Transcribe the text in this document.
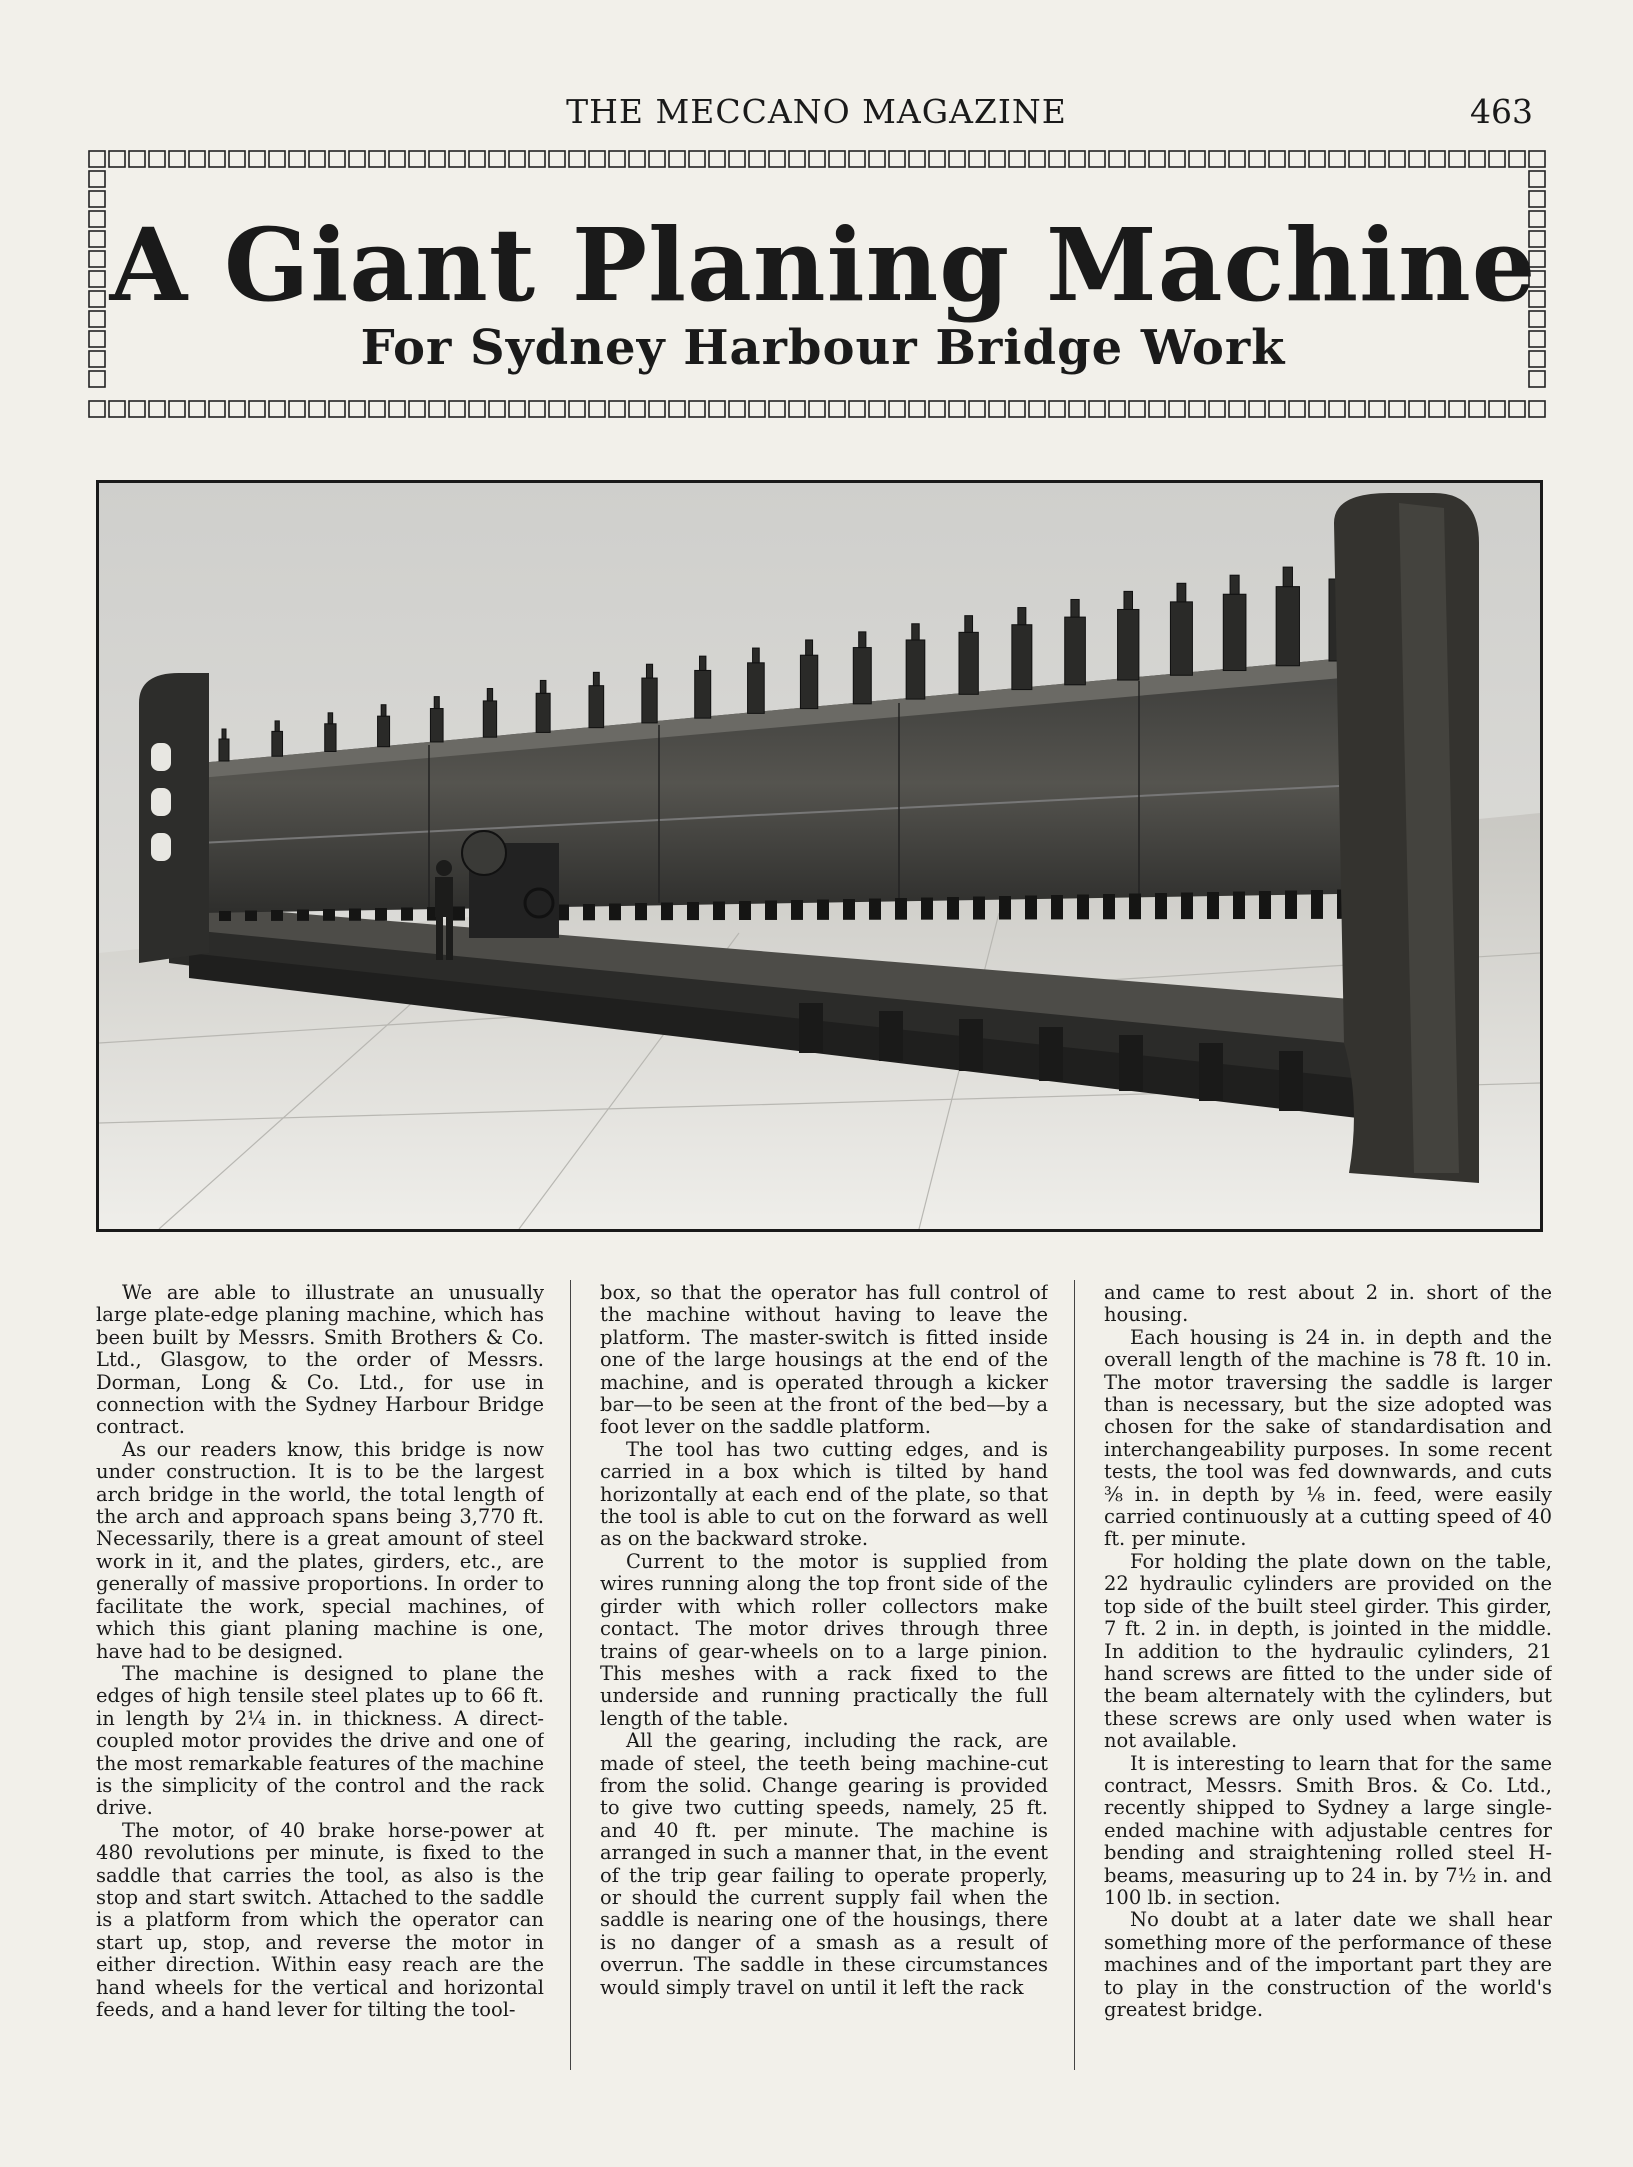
THE MECCANO MAGAZINE	463
A Giant Planing Machine
For Sydney Harbour Bridge Work

We are able to illustrate an unusually large plate-edge planing machine, which has been built by Messrs. Smith Brothers & Co. Ltd., Glasgow, to the order of Messrs. Dorman, Long & Co. Ltd., for use in connection with the Sydney Harbour Bridge contract.

As our readers know, this bridge is now under construction. It is to be the largest arch bridge in the world, the total length of the arch and approach spans being 3,770 ft. Necessarily, there is a great amount of steel work in it, and the plates, girders, etc., are generally of massive proportions. In order to facilitate the work, special machines, of which this giant planing machine is one, have had to be designed.

The machine is designed to plane the edges of high tensile steel plates up to 66 ft. in length by 2¼ in. in thickness. A direct-coupled motor provides the drive and one of the most remarkable features of the machine is the simplicity of the control and the rack drive.

The motor, of 40 brake horse-power at 480 revolutions per minute, is fixed to the saddle that carries the tool, as also is the stop and start switch. Attached to the saddle is a platform from which the operator can start up, stop, and reverse the motor in either direction. Within easy reach are the hand wheels for the vertical and horizontal feeds, and a hand lever for tilting the tool-

box, so that the operator has full control of the machine without having to leave the platform. The master-switch is fitted inside one of the large housings at the end of the machine, and is operated through a kicker bar—to be seen at the front of the bed—by a foot lever on the saddle platform.

The tool has two cutting edges, and is carried in a box which is tilted by hand horizontally at each end of the plate, so that the tool is able to cut on the forward as well as on the backward stroke.

Current to the motor is supplied from wires running along the top front side of the girder with which roller collectors make contact. The motor drives through three trains of gear-wheels on to a large pinion. This meshes with a rack fixed to the underside and running practically the full length of the table.

All the gearing, including the rack, are made of steel, the teeth being machine-cut from the solid. Change gearing is provided to give two cutting speeds, namely, 25 ft. and 40 ft. per minute. The machine is arranged in such a manner that, in the event of the trip gear failing to operate properly, or should the current supply fail when the saddle is nearing one of the housings, there is no danger of a smash as a result of overrun. The saddle in these circumstances would simply travel on until it left the rack

and came to rest about 2 in. short of the housing.

Each housing is 24 in. in depth and the overall length of the machine is 78 ft. 10 in. The motor traversing the saddle is larger than is necessary, but the size adopted was chosen for the sake of standardisation and interchangeability purposes. In some recent tests, the tool was fed downwards, and cuts ⅜ in. in depth by ⅛ in. feed, were easily carried continuously at a cutting speed of 40 ft. per minute.

For holding the plate down on the table, 22 hydraulic cylinders are provided on the top side of the built steel girder. This girder, 7 ft. 2 in. in depth, is jointed in the middle. In addition to the hydraulic cylinders, 21 hand screws are fitted to the under side of the beam alternately with the cylinders, but these screws are only used when water is not available.

It is interesting to learn that for the same contract, Messrs. Smith Bros. & Co. Ltd., recently shipped to Sydney a large single-ended machine with adjustable centres for bending and straightening rolled steel H-beams, measuring up to 24 in. by 7½ in. and 100 lb. in section.

No doubt at a later date we shall hear something more of the performance of these machines and of the important part they are to play in the construction of the world's greatest bridge.
